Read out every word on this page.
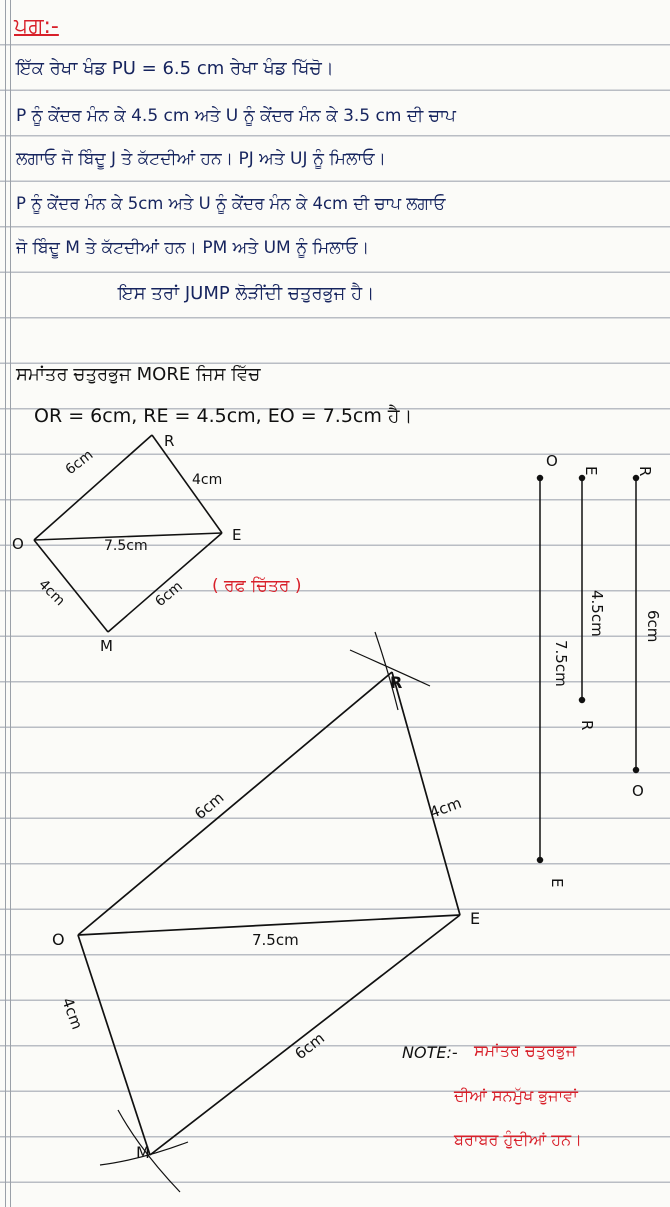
ਪਗ:-
ਇੱਕ ਰੇਖਾ ਖੰਡ PU = 6.5 cm ਰੇਖਾ ਖੰਡ ਖਿੱਚੋ।
P ਨੂੰ ਕੇਂਦਰ ਮੰਨ ਕੇ 4.5 cm ਅਤੇ U ਨੂੰ ਕੇਂਦਰ ਮੰਨ ਕੇ 3.5 cm ਦੀ ਚਾਪ
ਲਗਾਓ ਜੋ ਬਿੰਦੂ J ਤੇ ਕੱਟਦੀਆਂ ਹਨ। PJ ਅਤੇ UJ ਨੂੰ ਮਿਲਾਓ।
P ਨੂੰ ਕੇਂਦਰ ਮੰਨ ਕੇ 5cm ਅਤੇ U ਨੂੰ ਕੇਂਦਰ ਮੰਨ ਕੇ 4cm ਦੀ ਚਾਪ ਲਗਾਓ
ਜੋ ਬਿੰਦੂ M ਤੇ ਕੱਟਦੀਆਂ ਹਨ। PM ਅਤੇ UM ਨੂੰ ਮਿਲਾਓ।
ਇਸ ਤਰਾਂ JUMP ਲੋੜੀਂਦੀ ਚਤੁਰਭੁਜ ਹੈ।
ਸਮਾਂਤਰ ਚਤੁਰਭੁਜ MORE ਜਿਸ ਵਿੱਚ
OR = 6cm, RE = 4.5cm, EO = 7.5cm ਹੈ।
( ਰਫ ਚਿੱਤਰ )
NOTE:- ਸਮਾਂਤਰ ਚਤੁਰਭੁਜ
ਦੀਆਂ ਸਨਮੁੱਖ ਭੁਜਾਵਾਂ
ਬਰਾਬਰ ਹੁੰਦੀਆਂ ਹਨ।
O
R
E
M
6cm
4cm
7.5cm
4cm	6cm
O
R
E
M
6cm	4cm
7.5cm
4cm
6cm
O
E
7.5cm
E
R
4.5cm
R
O
6cm
